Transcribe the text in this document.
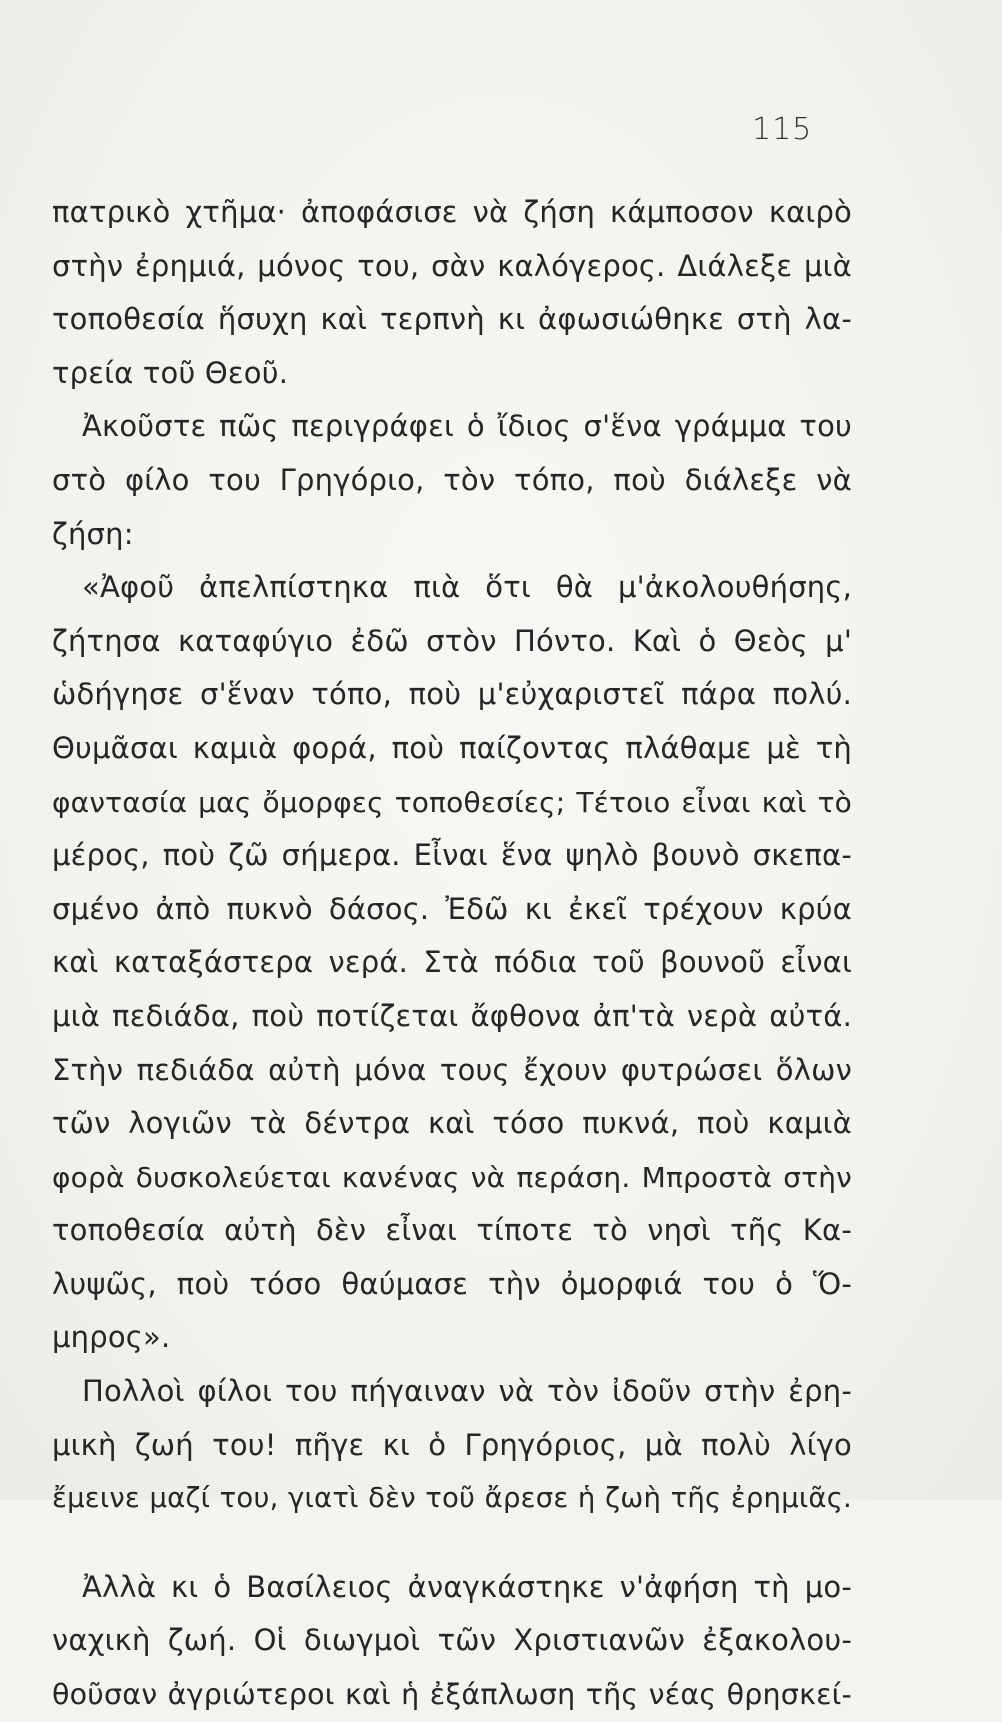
115
πατρικὸ χτῆμα· ἀποφάσισε νὰ ζήση κάμποσον καιρὸ
στὴν ἐρημιά, μόνος του, σὰν καλόγερος. Διάλεξε μιὰ
τοποθεσία ἥσυχη καὶ τερπνὴ κι ἀφωσιώθηκε στὴ λα-
τρεία τοῦ Θεοῦ.
Ἀκοῦστε πῶς περιγράφει ὁ ἴδιος σ'ἕνα γράμμα του
στὸ φίλο του Γρηγόριο, τὸν τόπο, ποὺ διάλεξε νὰ
ζήση:
«Ἀφοῦ ἀπελπίστηκα πιὰ ὅτι θὰ μ'ἀκολουθήσης,
ζήτησα καταφύγιο ἐδῶ στὸν Πόντο. Καὶ ὁ Θεὸς μ'
ὡδήγησε σ'ἕναν τόπο, ποὺ μ'εὐχαριστεῖ πάρα πολύ.
Θυμᾶσαι καμιὰ φορά, ποὺ παίζοντας πλάθαμε μὲ τὴ
φαντασία μας ὄμορφες τοποθεσίες; Τέτοιο εἶναι καὶ τὸ
μέρος, ποὺ ζῶ σήμερα. Εἶναι ἕνα ψηλὸ βουνὸ σκεπα-
σμένο ἀπὸ πυκνὸ δάσος. Ἐδῶ κι ἐκεῖ τρέχουν κρύα
καὶ καταξάστερα νερά. Στὰ πόδια τοῦ βουνοῦ εἶναι
μιὰ πεδιάδα, ποὺ ποτίζεται ἄφθονα ἀπ'τὰ νερὰ αὐτά.
Στὴν πεδιάδα αὐτὴ μόνα τους ἔχουν φυτρώσει ὅλων
τῶν λογιῶν τὰ δέντρα καὶ τόσο πυκνά, ποὺ καμιὰ
φορὰ δυσκολεύεται κανένας νὰ περάση. Μπροστὰ στὴν
τοποθεσία αὐτὴ δὲν εἶναι τίποτε τὸ νησὶ τῆς Κα-
λυψῶς, ποὺ τόσο θαύμασε τὴν ὀμορφιά του ὁ Ὅ-
μηρος».
Πολλοὶ φίλοι του πήγαιναν νὰ τὸν ἰδοῦν στὴν ἐρη-
μικὴ ζωή του! πῆγε κι ὁ Γρηγόριος, μὰ πολὺ λίγο
ἔμεινε μαζί του, γιατὶ δὲν τοῦ ἄρεσε ἡ ζωὴ τῆς ἐρημιᾶς.
Ἀλλὰ κι ὁ Βασίλειος ἀναγκάστηκε ν'ἀφήση τὴ μο-
ναχικὴ ζωή. Οἱ διωγμοὶ τῶν Χριστιανῶν ἐξακολου-
θοῦσαν ἀγριώτεροι καὶ ἡ ἐξάπλωση τῆς νέας θρησκεί-
